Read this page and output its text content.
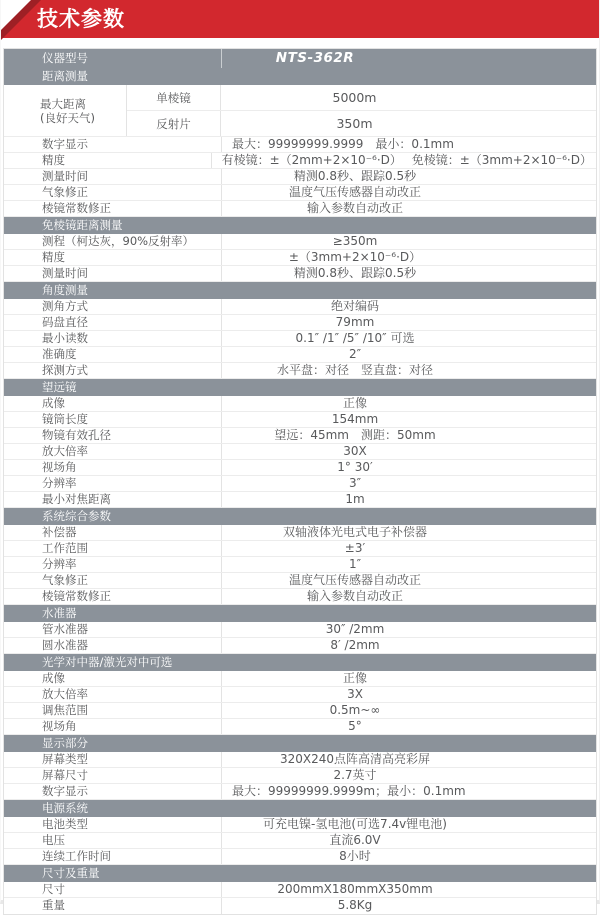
技术参数
仪器型号	NTS-362R
距离测量
最大距离
(良好天气)
单棱镜	5000m
反射片	350m
数字显示	最大：99999999.9999　最小：0.1mm
精度	有棱镜：±（2mm+2×10⁻⁶·D）　 免棱镜：±（3mm+2×10⁻⁶·D）
测量时间	精测0.8秒、跟踪0.5秒
气象修正	温度气压传感器自动改正
棱镜常数修正	输入参数自动改正
免棱镜距离测量
测程（柯达灰，90%反射率）	≥350m
精度	±（3mm+2×10⁻⁶·D）
测量时间	精测0.8秒、跟踪0.5秒
角度测量
测角方式	绝对编码
码盘直径	79mm
最小读数	0.1″ /1″ /5″ /10″ 可选
准确度	2″
探测方式	水平盘：对径　竖直盘：对径
望远镜
成像	正像
镜筒长度	154mm
物镜有效孔径	望远：45mm　测距：50mm
放大倍率	30X
视场角	1° 30′
分辨率	3″
最小对焦距离	1m
系统综合参数
补偿器	双轴液体光电式电子补偿器
工作范围	±3′
分辨率	1″
气象修正	温度气压传感器自动改正
棱镜常数修正	输入参数自动改正
水准器
管水准器	30″ /2mm
圆水准器	8′ /2mm
光学对中器/激光对中可选
成像	正像
放大倍率	3X
调焦范围	0.5m~∞
视场角	5°
显示部分
屏幕类型	320X240点阵高清高亮彩屏
屏幕尺寸	2.7英寸
数字显示	最大：99999999.9999m；最小：0.1mm
电源系统
电池类型	可充电镍-氢电池(可选7.4v锂电池)
电压	直流6.0V
连续工作时间	8小时
尺寸及重量
尺寸	200mmX180mmX350mm
重量	5.8Kg
